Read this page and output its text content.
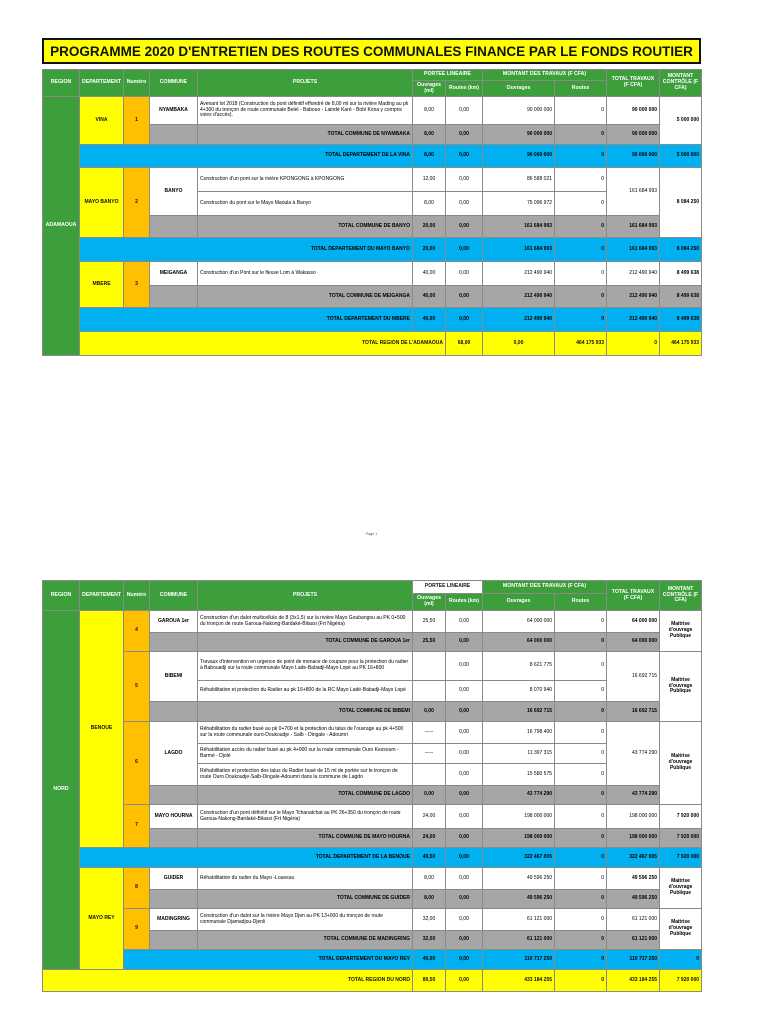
PROGRAMME 2020 D'ENTRETIEN DES ROUTES COMMUNALES FINANCE PAR LE FONDS ROUTIER
REGION	DEPARTEMENT	Numéro	COMMUNE	PROJETS	PORTEE LINEAIRE		MONTANT DES TRAVAUX (F CFA)		TOTAL TRAVAUX (F CFA)	MONTANT CONTRÔLE (F CFA)	
					Ouvrages (ml)	Routes (km)	Ouvrages	Routes			
ADAMAOUA	VINA	1	NYAMBAKA	Avenant lot 2018 (Construction du pont définitif effondré de 8,00 ml sur la rivière Mading au pk 4+300 du tronçon de route communale Belel - Babouo - Laindé Karé - Bobi Kona y compris voies d'accès).	8,00	0,00	90 000 000	0	90 000 000	5 000 000	
				TOTAL COMMUNE DE NYAMBAKA	8,00	0,00	90 000 000	0	90 000 000		
	TOTAL DEPARTEMENT DE LA VINA				8,00	0,00	90 000 000	0	90 000 000	5 000 000	
	MAYO BANYO	2	BANYO	Construction d'un pont sur la rivière KPONGONG à KPONGONG	12,00	0,00	86 588 021	0	161 684 993	8 084 250	
				Construction du pont sur le Mayo Maoula à Banyo	8,00	0,00	75 096 972	0			
				TOTAL COMMUNE DE BANYO	20,00	0,00	161 684 993	0	161 684 993		
	TOTAL DEPARTEMENT DU MAYO BANYO				20,00	0,00	161 684 993	0	161 684 993	8 084 250	
	MBERE	3	MEIGANGA	Construction d'un Pont sur le fleuve Lom à Wakasso	40,00	0,00	212 490 940	0	212 490 940	8 499 638	
				TOTAL COMMUNE DE MEIGANGA	40,00	0,00	212 490 940	0	212 490 940	8 499 638	
	TOTAL DEPARTEMENT DU MBERE				40,00	0,00	212 490 940	0	212 490 940	8 499 638	
	TOTAL REGION DE L'ADAMAOUA					68,00	0,00	464 175 933	0	464 175 933	
Page 1
REGION	DEPARTEMENT	Numéro	COMMUNE	PROJETS	PORTEE LINEAIRE		MONTANT DES TRAVAUX (F CFA)		TOTAL TRAVAUX (F CFA)	MONTANT CONTRÔLE (F CFA)
					Ouvrages (ml)	Routes (km)	Ouvrages	Routes		
NORD	BENOUE	4	GAROUA 1er	Construction d'un dalot multicellule de 8 (3x1,5) sur la rivière Mayo Goubangou au PK 0+500 du tronçon de route Garoua-Nakong-Bardaké-Bilassi (Frt Nigéria)	25,50	0,00	64 000 000	0	64 000 000	Maitrise d'ouvrage Publique
				TOTAL COMMUNE DE GAROUA 1er	25,50	0,00	64 000 000	0	64 000 000	
		5	BIBEMI	Travaux d'intervention en urgence de point de menace de coupure pour la protection du radier à Babouadji sur la route communale Mayo Lade-Babadji-Mayo Lopé au PK 16+800		0,00	8 621 775	0	16 692 715	Maitrise d'ouvrage Publique
				Réhabilitation et protection du Radier au pk 16+800 de la RC Mayo Ladé-Babadji-Mayo Lopé		0,00	8 070 940	0		
				TOTAL COMMUNE DE BIBEMI	0,00	0,00	16 692 715	0	16 692 715	
		6	LAGDO	Réhabilitation du radier busé au pk 0+700 et la protection du talus de l'ouvrage au pk 4+500 sur la route communale ouro-Doukoudje - Salb - Dingale - Adoumri	-----	0,00	16 798 400	0	43 774 290	Maitrise d'ouvrage Publique
				Réhabilitation accès du radier busé au pk 4+900 sur la route communale Ouro Kessoum - Barmé - Djolé	-----	0,00	11 397 315	0		
				Réhabilitation et protection des talus du Radier busé de 15 ml de portée sur le tronçon de route Ouro Doukoudje-Salb-Dingale-Adoumri dans la commune de Lagdo		0,00	15 580 575	0		
				TOTAL COMMUNE DE LAGDO	0,00	0,00	43 774 290	0	43 774 290	
		7	MAYO HOURNA	Construction d'un pont définitif sur le Mayo Tchanatchat au PK 26+350 du tronçon de route Garoua-Nakong-Bardaké-Bilassi (Frt Nigéria)	24,00	0,00	198 000 000	0	198 000 000	7 920 000
				TOTAL COMMUNE DE MAYO HOURNA	24,00	0,00	198 000 000	0	198 000 000	7 920 000
	TOTAL DEPARTEMENT DE LA BENOUE				49,50	0,00	322 467 005	0	322 467 005	7 920 000
	MAYO REY	8	GUIDER	Réhabilitation du radier du Mayo -Louessa	8,00	0,00	49 596 250	0	49 596 250	Maitrise d'ouvrage Publique
				TOTAL COMMUNE DE GUIDER	8,00	0,00	49 596 250	0	49 596 250	
		9	MADINGRING	Construction d'un dalot sur la rivière Mayo Djen au PK 13+000 du tronçon de route communale Djamadjou-Djenli	32,00	0,00	61 121 000	0	61 121 000	Maitrise d'ouvrage Publique
				TOTAL COMMUNE DE MADINGRING	32,00	0,00	61 121 000	0	61 121 000	
		TOTAL DEPARTEMENT DU MAYO REY			40,00	0,00	110 717 250	0	110 717 250	0
TOTAL REGION DU NORD					89,50	0,00	433 184 255	0	433 184 255	7 920 000
